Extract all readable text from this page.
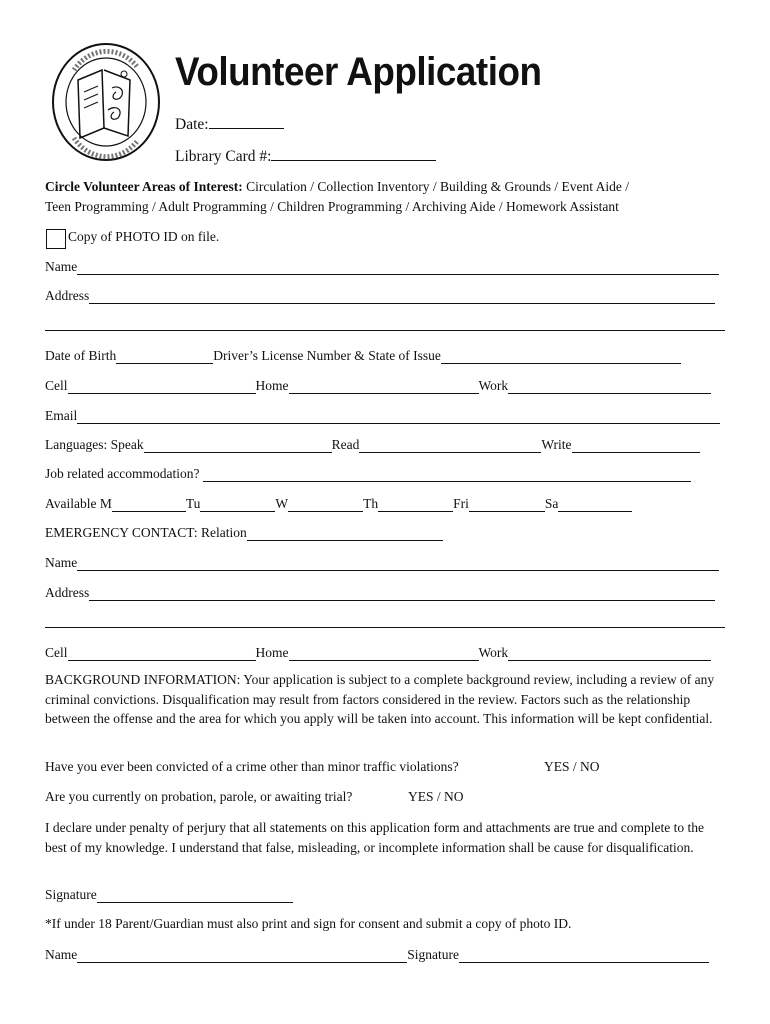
Volunteer Application
Date:
Library Card #:
Circle Volunteer Areas of Interest: Circulation / Collection Inventory / Building & Grounds / Event Aide /
Teen Programming / Adult Programming / Children Programming / Archiving Aide / Homework Assistant
Copy of PHOTO ID on file.
Name
Address
Date of Birth	Driver’s License Number & State of Issue
Cell	Home	Work
Email
Languages: Speak	Read	Write
Job related accommodation?
Available M	Tu	W	Th	Fri	Sa
EMERGENCY CONTACT: Relation
Name
Address
Cell	Home	Work
BACKGROUND INFORMATION: Your application is subject to a complete background review, including a review of any criminal convictions. Disqualification may result from factors considered in the review. Factors such as the relationship between the offense and the area for which you apply will be taken into account. This information will be kept confidential.
Have you ever been convicted of a crime other than minor traffic violations?	YES / NO
Are you currently on probation, parole, or awaiting trial?	YES / NO
I declare under penalty of perjury that all statements on this application form and attachments are true and complete to the best of my knowledge. I understand that false, misleading, or incomplete information shall be cause for disqualification.
Signature
*If under 18 Parent/Guardian must also print and sign for consent and submit a copy of photo ID.
Name	Signature
